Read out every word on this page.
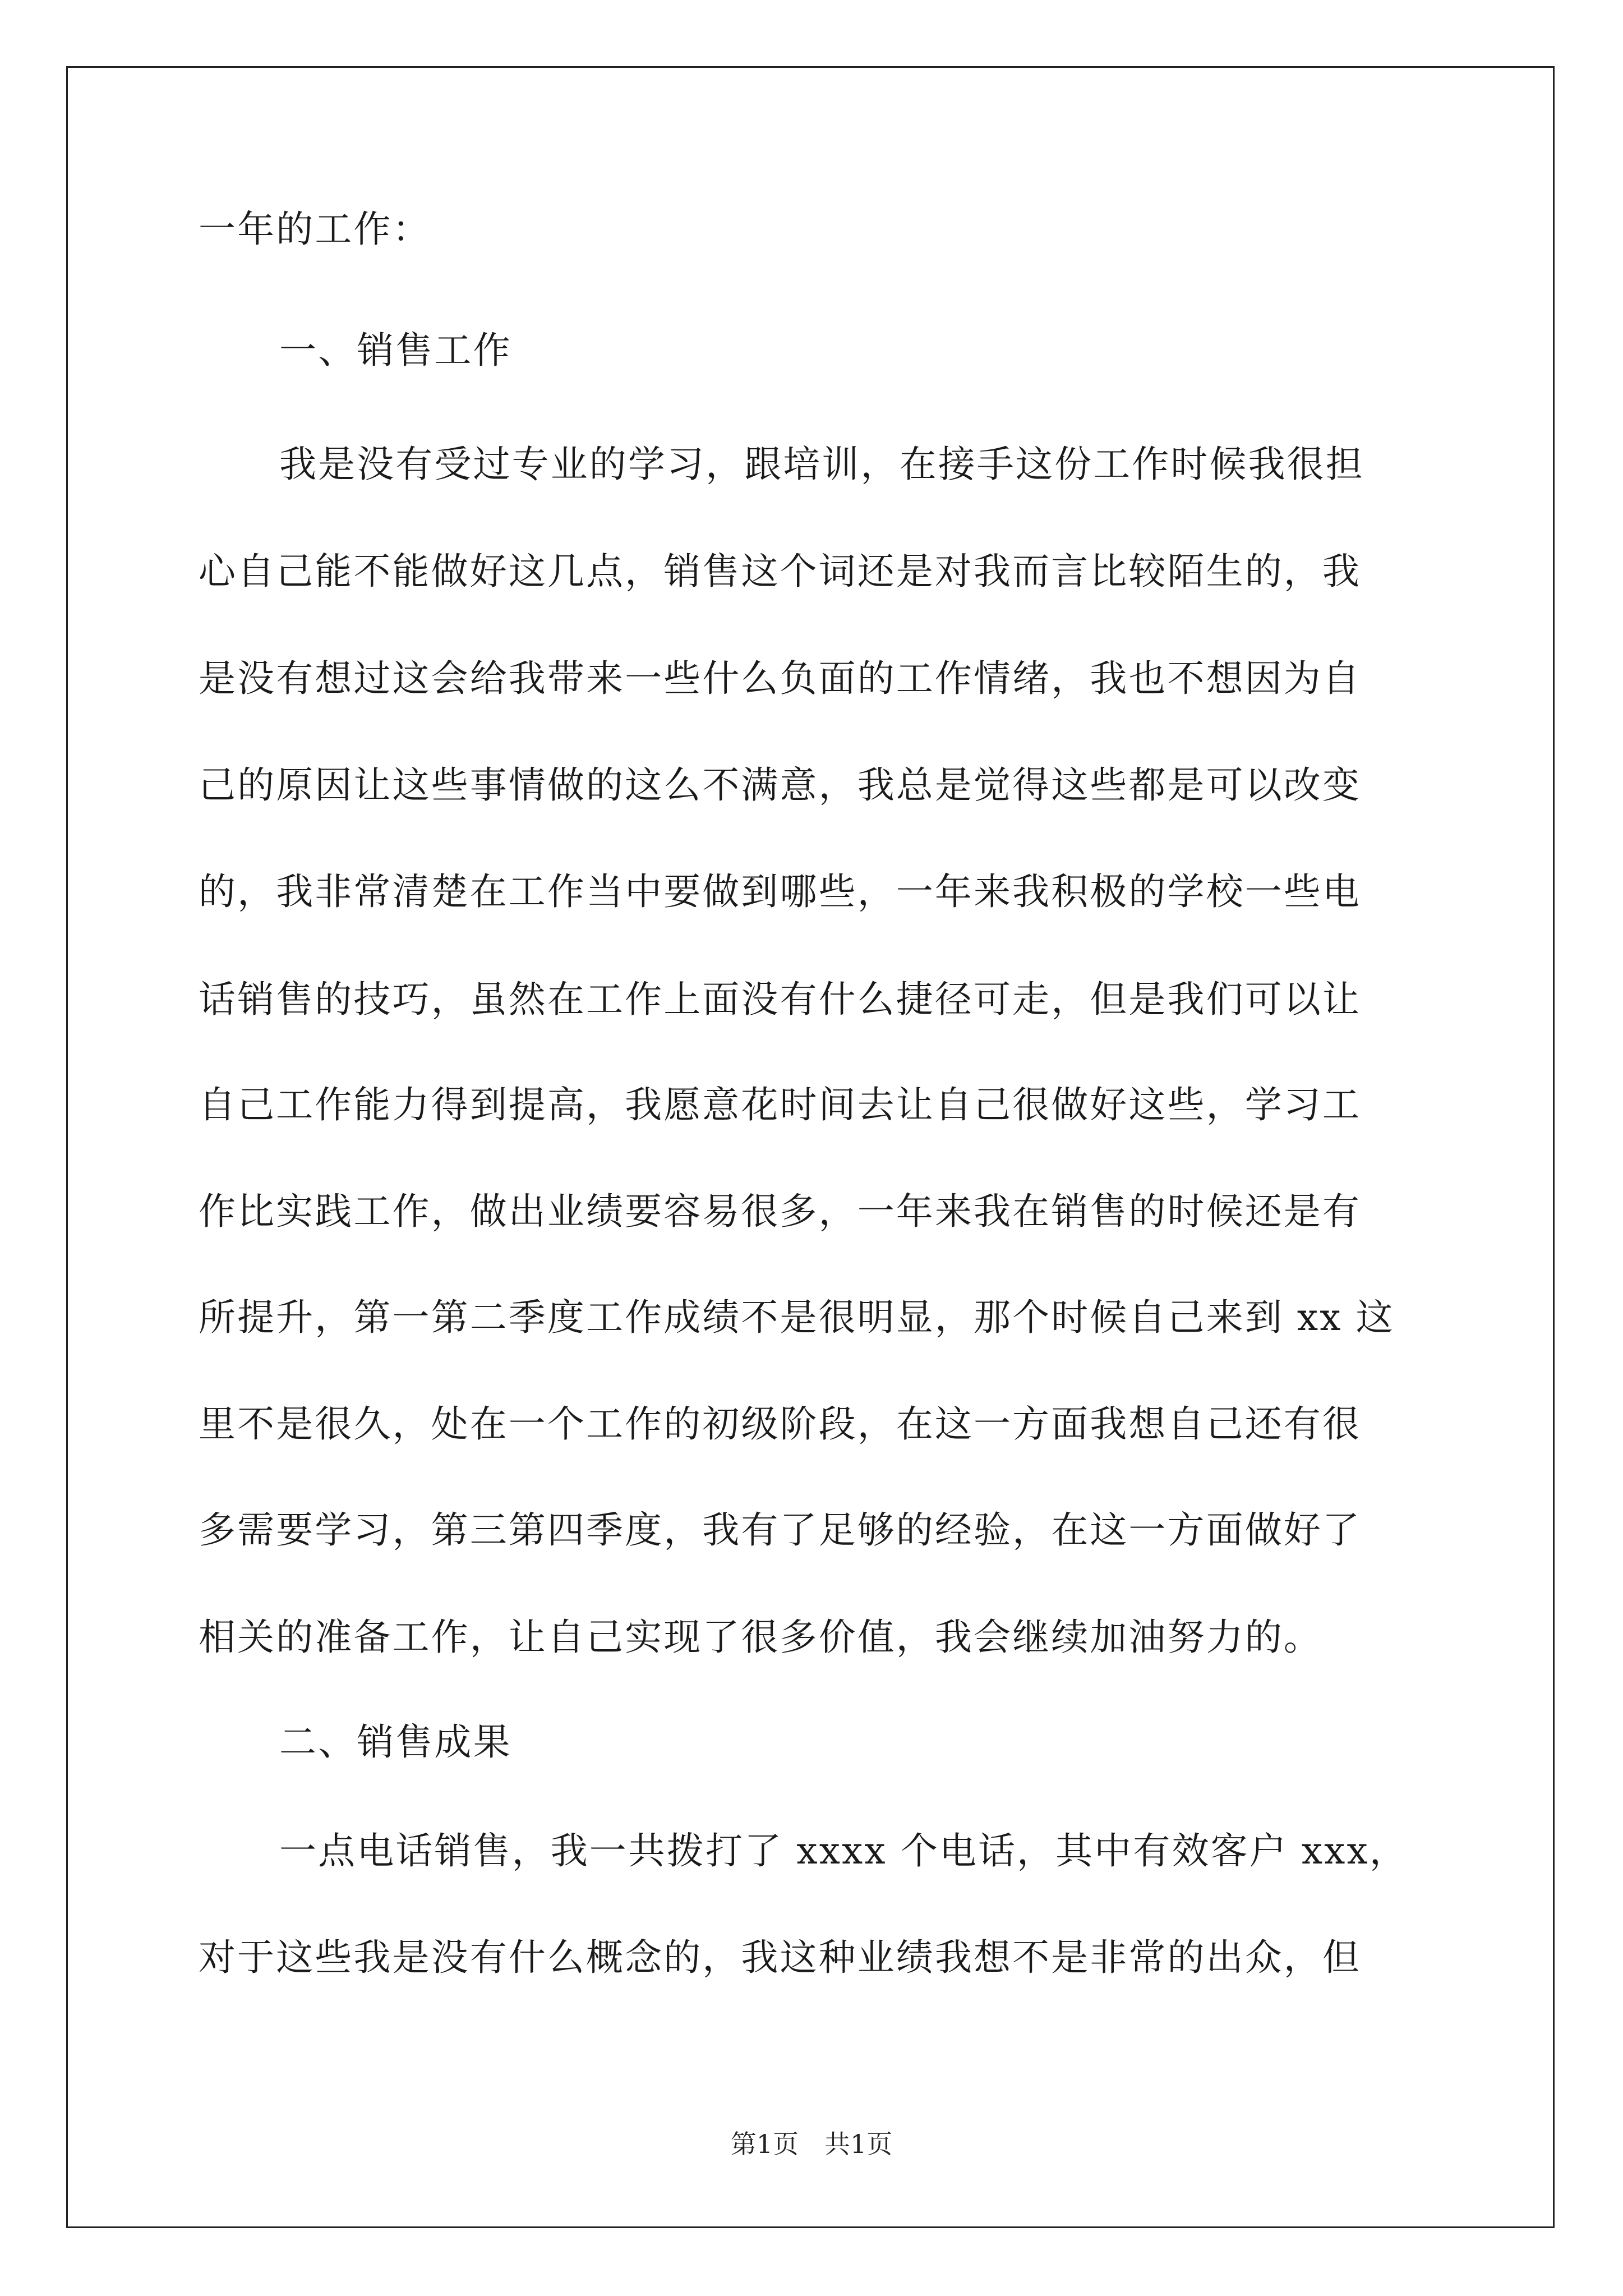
一年的工作：
一、销售工作
我是没有受过专业的学习，跟培训，在接手这份工作时候我很担
心自己能不能做好这几点，销售这个词还是对我而言比较陌生的，我
是没有想过这会给我带来一些什么负面的工作情绪，我也不想因为自
己的原因让这些事情做的这么不满意，我总是觉得这些都是可以改变
的，我非常清楚在工作当中要做到哪些，一年来我积极的学校一些电
话销售的技巧，虽然在工作上面没有什么捷径可走，但是我们可以让
自己工作能力得到提高，我愿意花时间去让自己很做好这些，学习工
作比实践工作，做出业绩要容易很多，一年来我在销售的时候还是有
所提升，第一第二季度工作成绩不是很明显，那个时候自己来到 xx 这
里不是很久，处在一个工作的初级阶段，在这一方面我想自己还有很
多需要学习，第三第四季度，我有了足够的经验，在这一方面做好了
相关的准备工作，让自己实现了很多价值，我会继续加油努力的。
二、销售成果
一点电话销售，我一共拨打了 xxxx 个电话，其中有效客户 xxx，
对于这些我是没有什么概念的，我这种业绩我想不是非常的出众，但
第1页 共1页
